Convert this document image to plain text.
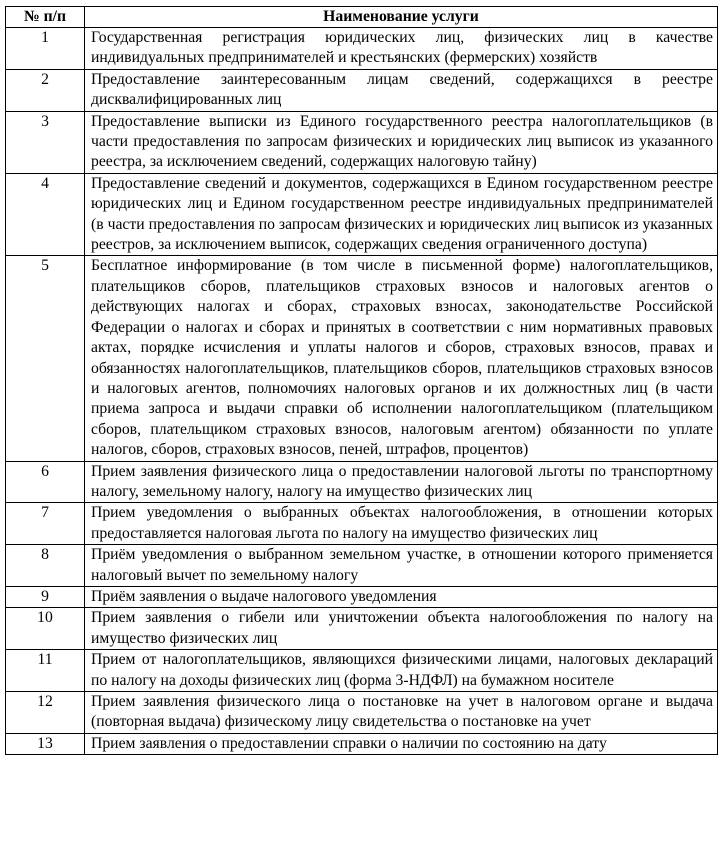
№ п/п	Наименование услуги
1	Государственная регистрация юридических лиц, физических лиц в качестве индивидуальных предпринимателей и крестьянских (фермерских) хозяйств
2	Предоставление заинтересованным лицам сведений, содержащихся в реестре дисквалифицированных лиц
3	Предоставление выписки из Единого государственного реестра налогоплательщиков (в части предоставления по запросам физических и юридических лиц выписок из указанного реестра, за исключением сведений, содержащих налоговую тайну)
4	Предоставление сведений и документов, содержащихся в Едином государственном реестре юридических лиц и Едином государственном реестре индивидуальных предпринимателей (в части предоставления по запросам физических и юридических лиц выписок из указанных реестров, за исключением выписок, содержащих сведения ограниченного доступа)
5	Бесплатное информирование (в том числе в письменной форме) налогоплательщиков, плательщиков сборов, плательщиков страховых взносов и налоговых агентов о действующих налогах и сборах, страховых взносах, законодательстве Российской Федерации о налогах и сборах и принятых в соответствии с ним нормативных правовых актах, порядке исчисления и уплаты налогов и сборов, страховых взносов, правах и обязанностях налогоплательщиков, плательщиков сборов, плательщиков страховых взносов и налоговых агентов, полномочиях налоговых органов и их должностных лиц (в части приема запроса и выдачи справки об исполнении налогоплательщиком (плательщиком сборов, плательщиком страховых взносов, налоговым агентом) обязанности по уплате налогов, сборов, страховых взносов, пеней, штрафов, процентов)
6	Прием заявления физического лица о предоставлении налоговой льготы по транспортному налогу, земельному налогу, налогу на имущество физических лиц
7	Прием уведомления о выбранных объектах налогообложения, в отношении которых предоставляется налоговая льгота по налогу на имущество физических лиц
8	Приём уведомления о выбранном земельном участке, в отношении которого применяется налоговый вычет по земельному налогу
9	Приём заявления о выдаче налогового уведомления
10	Прием заявления о гибели или уничтожении объекта налогообложения по налогу на имущество физических лиц
11	Прием от налогоплательщиков, являющихся физическими лицами, налоговых деклараций по налогу на доходы физических лиц (форма 3-НДФЛ) на бумажном носителе
12	Прием заявления физического лица о постановке на учет в налоговом органе и выдача (повторная выдача) физическому лицу свидетельства о постановке на учет
13	Прием заявления о предоставлении справки о наличии по состоянию на дату
